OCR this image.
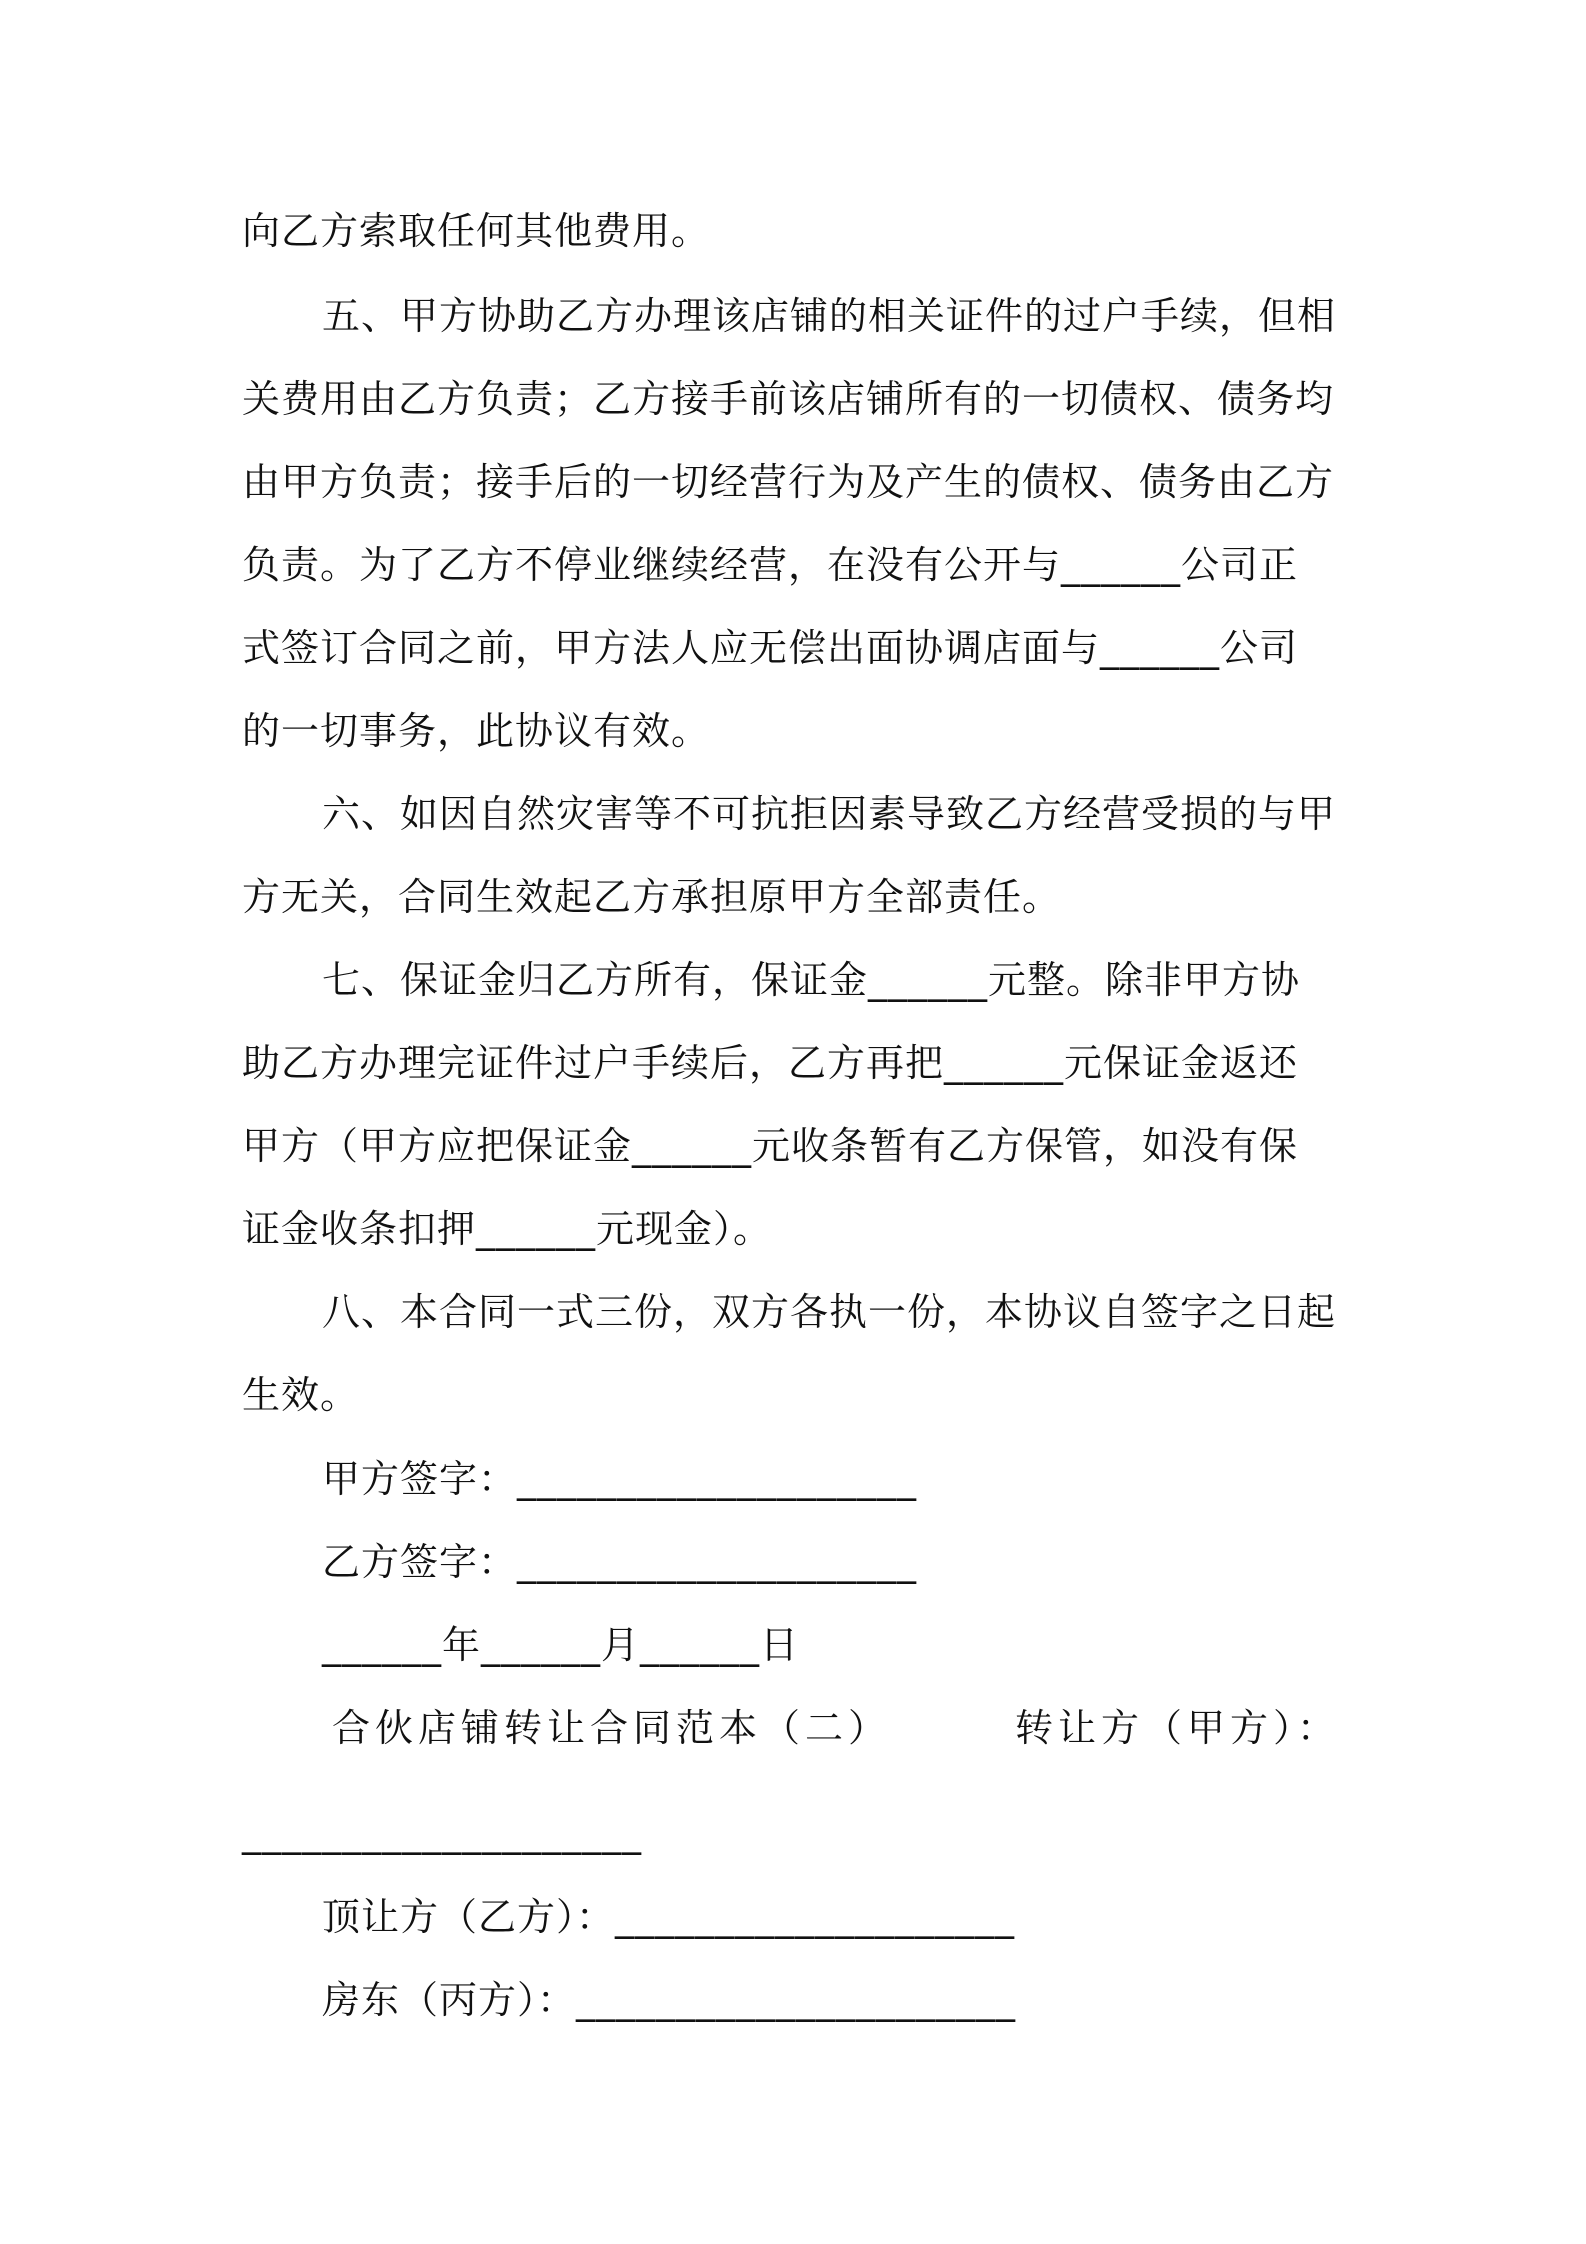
向乙方索取任何其他费用。
五、甲方协助乙方办理该店铺的相关证件的过户手续，但相
关费用由乙方负责；乙方接手前该店铺所有的一切债权、债务均
由甲方负责；接手后的一切经营行为及产生的债权、债务由乙方
负责。为了乙方不停业继续经营，在没有公开与______公司正
式签订合同之前，甲方法人应无偿出面协调店面与______公司
的一切事务，此协议有效。
六、如因自然灾害等不可抗拒因素导致乙方经营受损的与甲
方无关，合同生效起乙方承担原甲方全部责任。
七、保证金归乙方所有，保证金______元整。除非甲方协
助乙方办理完证件过户手续后，乙方再把______元保证金返还
甲方（甲方应把保证金______元收条暂有乙方保管，如没有保
证金收条扣押______元现金）。
八、本合同一式三份，双方各执一份，本协议自签字之日起
生效。
甲方签字：____________________
乙方签字：____________________
______年______月______日
合伙店铺转让合同范本（二）	转让方（甲方）：
____________________
顶让方（乙方）：____________________
房东（丙方）：______________________
